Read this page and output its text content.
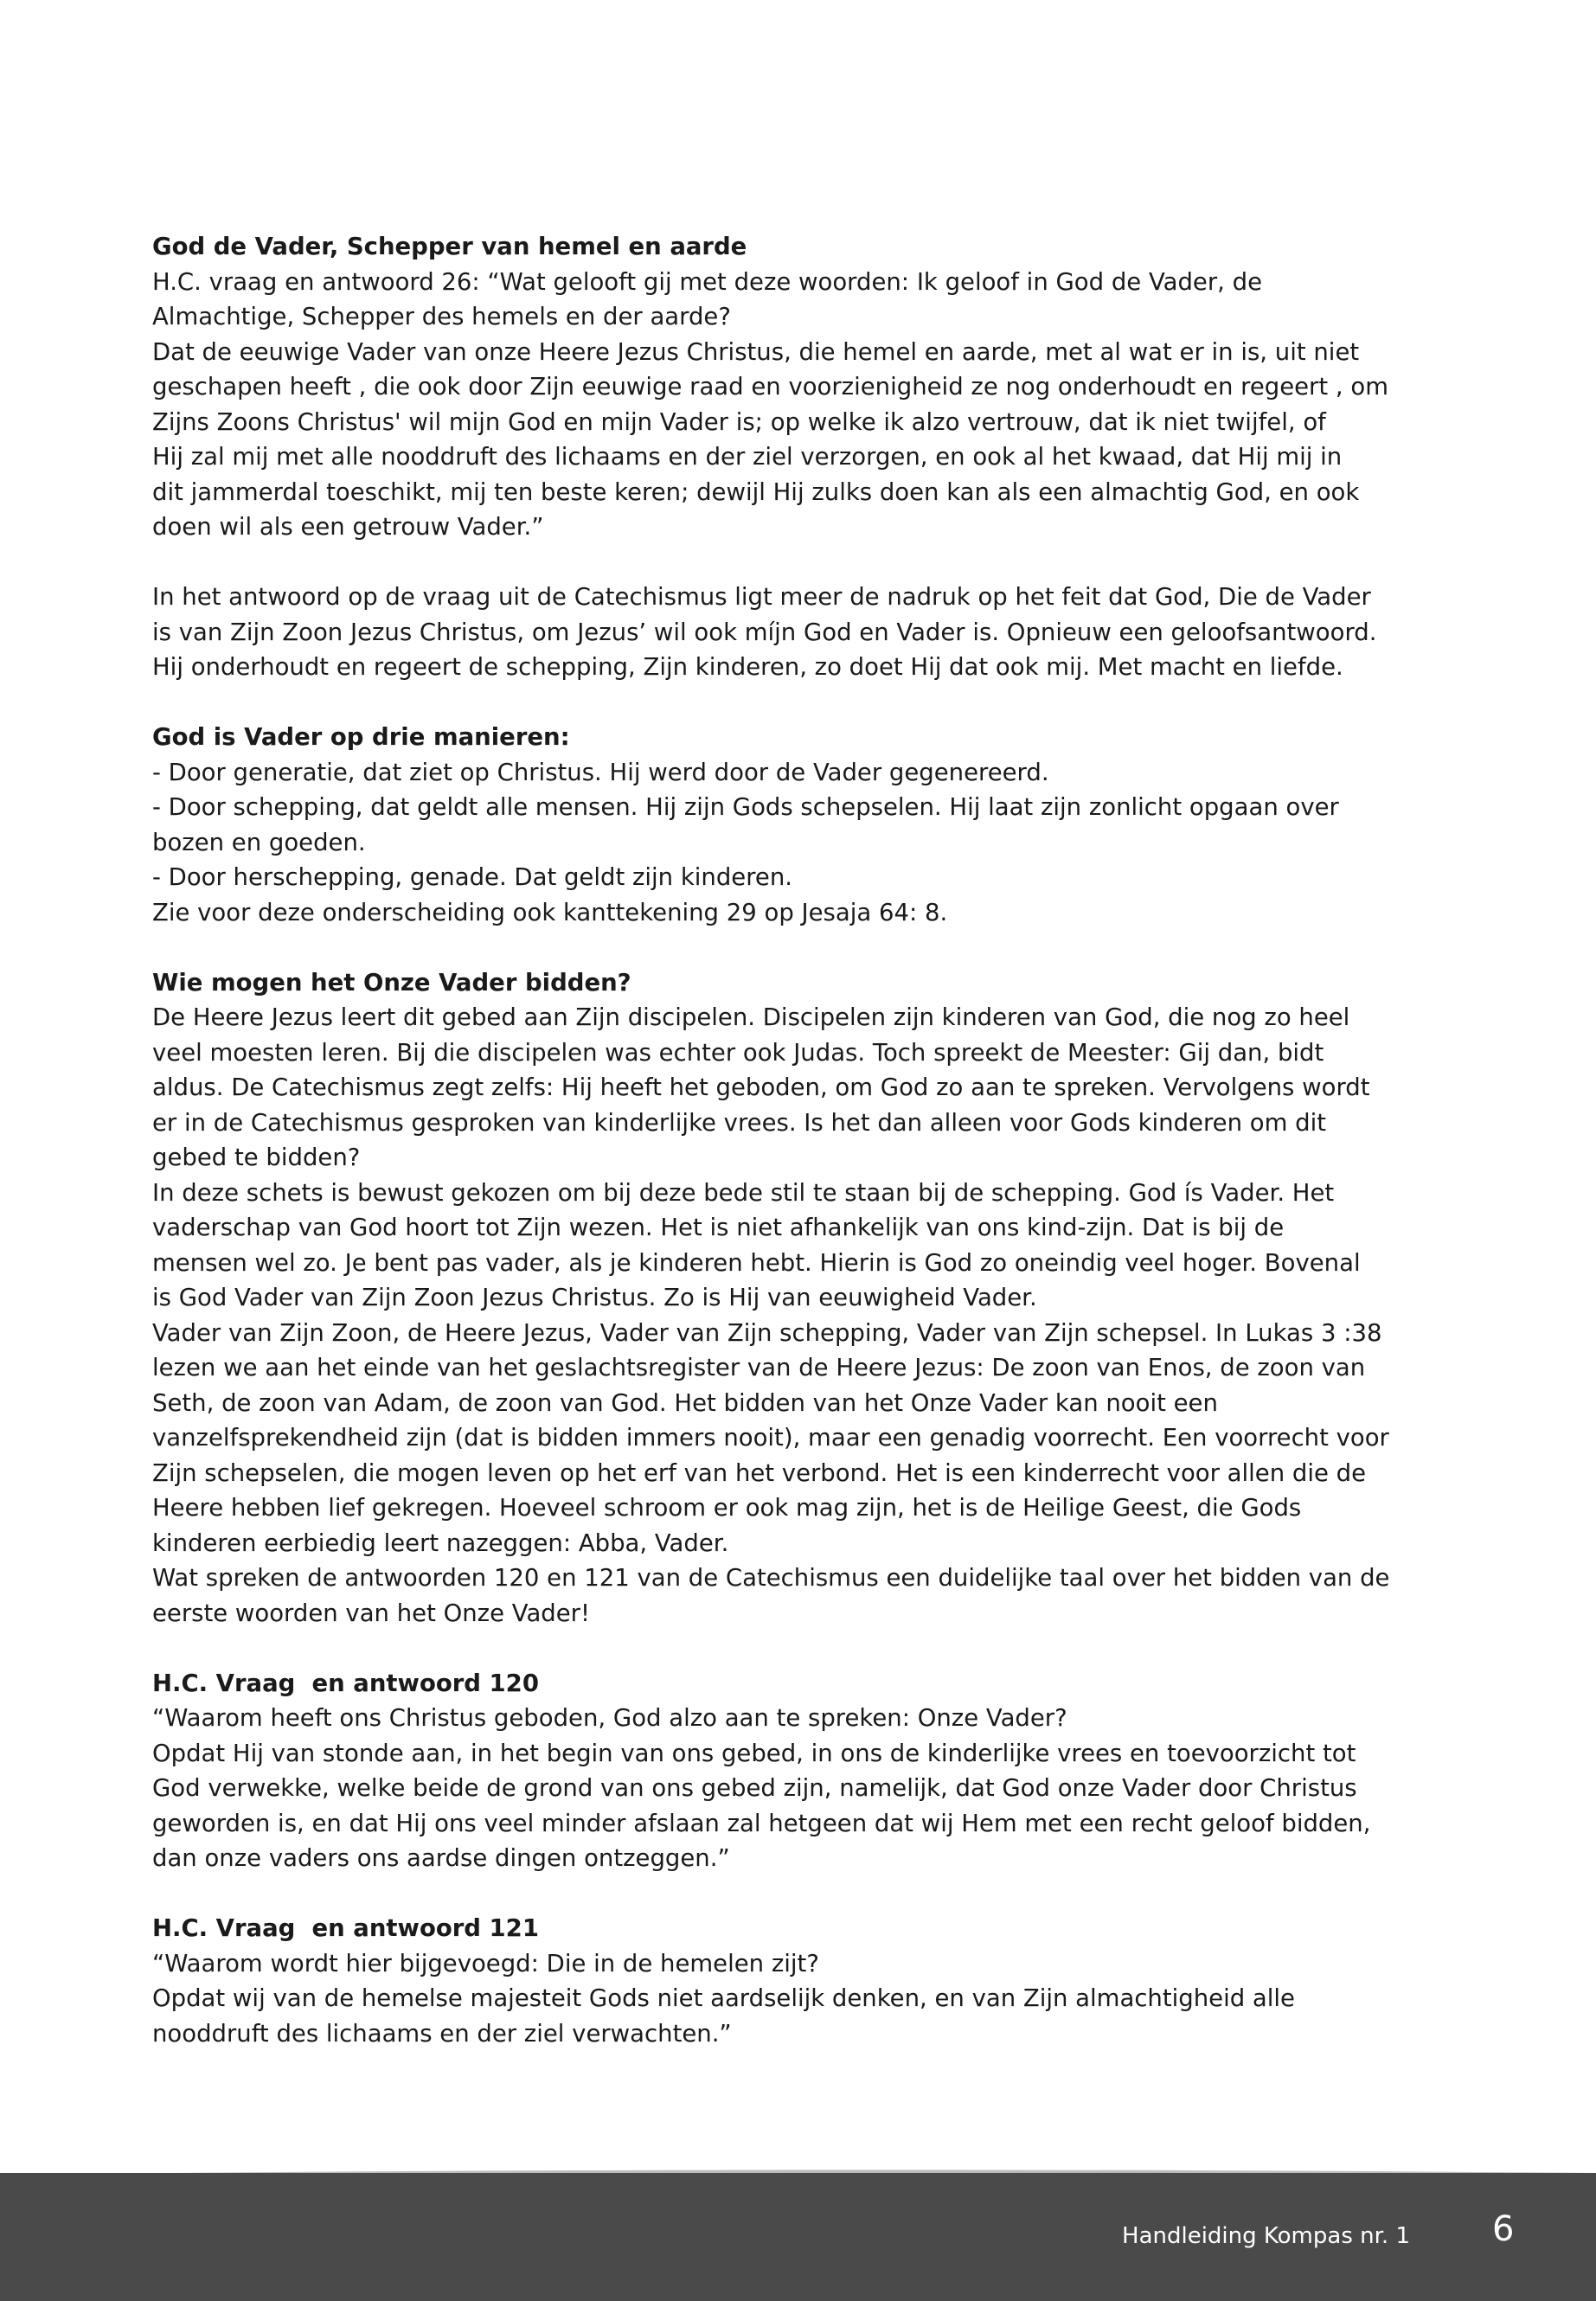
God de Vader, Schepper van hemel en aarde
H.C. vraag en antwoord 26: “Wat gelooft gij met deze woorden: Ik geloof in God de Vader, de
Almachtige, Schepper des hemels en der aarde?
Dat de eeuwige Vader van onze Heere Jezus Christus, die hemel en aarde, met al wat er in is, uit niet
geschapen heeft , die ook door Zijn eeuwige raad en voorzienigheid ze nog onderhoudt en regeert , om
Zijns Zoons Christus' wil mijn God en mijn Vader is; op welke ik alzo vertrouw, dat ik niet twijfel, of
Hij zal mij met alle nooddruft des lichaams en der ziel verzorgen, en ook al het kwaad, dat Hij mij in
dit jammerdal toeschikt, mij ten beste keren; dewijl Hij zulks doen kan als een almachtig God, en ook
doen wil als een getrouw Vader.”
In het antwoord op de vraag uit de Catechismus ligt meer de nadruk op het feit dat God, Die de Vader
is van Zijn Zoon Jezus Christus, om Jezus’ wil ook míjn God en Vader is. Opnieuw een geloofsantwoord.
Hij onderhoudt en regeert de schepping, Zijn kinderen, zo doet Hij dat ook mij. Met macht en liefde.
God is Vader op drie manieren:
- Door generatie, dat ziet op Christus. Hij werd door de Vader gegenereerd.
- Door schepping, dat geldt alle mensen. Hij zijn Gods schepselen. Hij laat zijn zonlicht opgaan over
bozen en goeden.
- Door herschepping, genade. Dat geldt zijn kinderen.
Zie voor deze onderscheiding ook kanttekening 29 op Jesaja 64: 8.
Wie mogen het Onze Vader bidden?
De Heere Jezus leert dit gebed aan Zijn discipelen. Discipelen zijn kinderen van God, die nog zo heel
veel moesten leren. Bij die discipelen was echter ook Judas. Toch spreekt de Meester: Gij dan, bidt
aldus. De Catechismus zegt zelfs: Hij heeft het geboden, om God zo aan te spreken. Vervolgens wordt
er in de Catechismus gesproken van kinderlijke vrees. Is het dan alleen voor Gods kinderen om dit
gebed te bidden?
In deze schets is bewust gekozen om bij deze bede stil te staan bij de schepping. God ís Vader. Het
vaderschap van God hoort tot Zijn wezen. Het is niet afhankelijk van ons kind-zijn. Dat is bij de
mensen wel zo. Je bent pas vader, als je kinderen hebt. Hierin is God zo oneindig veel hoger. Bovenal
is God Vader van Zijn Zoon Jezus Christus. Zo is Hij van eeuwigheid Vader.
Vader van Zijn Zoon, de Heere Jezus, Vader van Zijn schepping, Vader van Zijn schepsel. In Lukas 3 :38
lezen we aan het einde van het geslachtsregister van de Heere Jezus: De zoon van Enos, de zoon van
Seth, de zoon van Adam, de zoon van God. Het bidden van het Onze Vader kan nooit een
vanzelfsprekendheid zijn (dat is bidden immers nooit), maar een genadig voorrecht. Een voorrecht voor
Zijn schepselen, die mogen leven op het erf van het verbond. Het is een kinderrecht voor allen die de
Heere hebben lief gekregen. Hoeveel schroom er ook mag zijn, het is de Heilige Geest, die Gods
kinderen eerbiedig leert nazeggen: Abba, Vader.
Wat spreken de antwoorden 120 en 121 van de Catechismus een duidelijke taal over het bidden van de
eerste woorden van het Onze Vader!
H.C. Vraag  en antwoord 120
“Waarom heeft ons Christus geboden, God alzo aan te spreken: Onze Vader?
Opdat Hij van stonde aan, in het begin van ons gebed, in ons de kinderlijke vrees en toevoorzicht tot
God verwekke, welke beide de grond van ons gebed zijn, namelijk, dat God onze Vader door Christus
geworden is, en dat Hij ons veel minder afslaan zal hetgeen dat wij Hem met een recht geloof bidden,
dan onze vaders ons aardse dingen ontzeggen.”
H.C. Vraag  en antwoord 121
“Waarom wordt hier bijgevoegd: Die in de hemelen zijt?
Opdat wij van de hemelse majesteit Gods niet aardselijk denken, en van Zijn almachtigheid alle
nooddruft des lichaams en der ziel verwachten.”
Handleiding Kompas nr. 1 6
